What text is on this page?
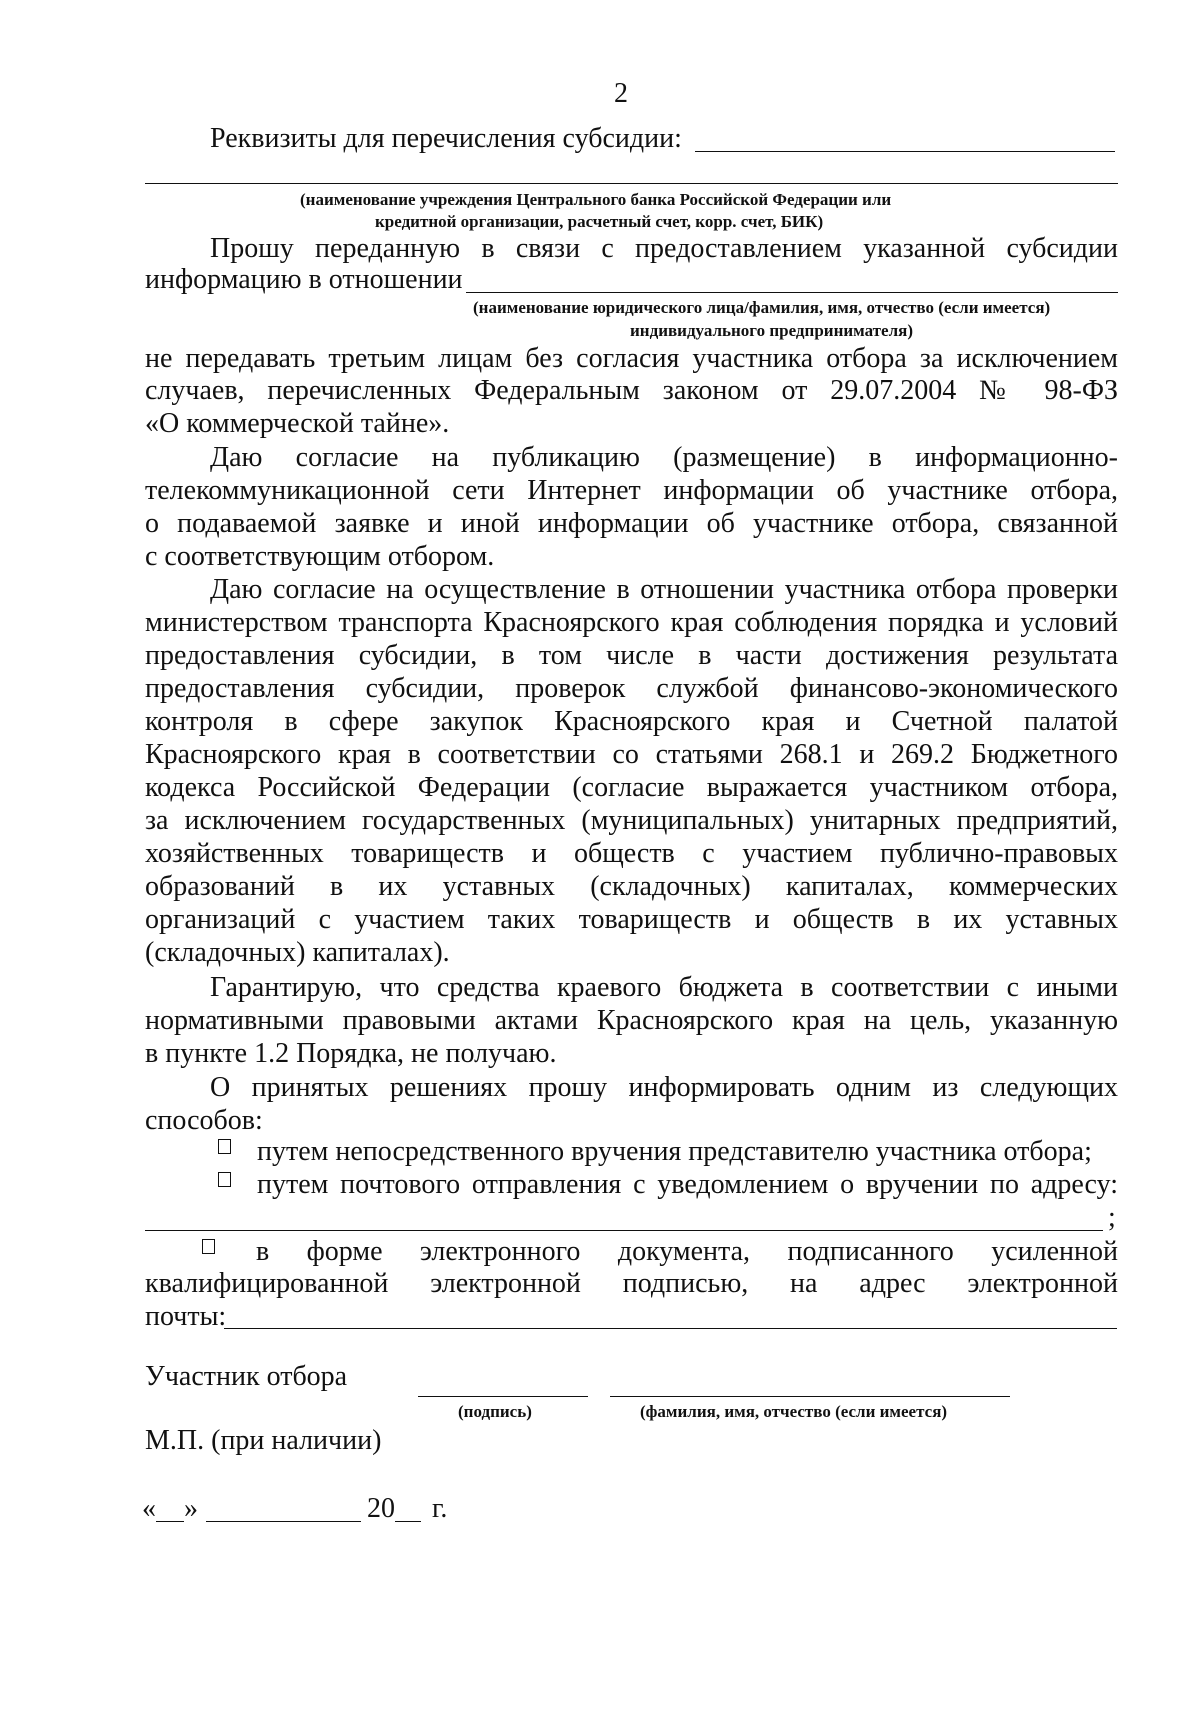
2
Реквизиты для перечисления субсидии:
(наименование учреждения Центрального банка Российской Федерации или
кредитной организации, расчетный счет, корр. счет, БИК)
Прошу переданную в связи с предоставлением указанной субсидии
информацию в отношении
(наименование юридического лица/фамилия, имя, отчество (если имеется)
индивидуального предпринимателя)
не передавать третьим лицам без согласия участника отбора за исключением
случаев, перечисленных Федеральным законом от 29.07.2004 № 98-ФЗ
«О коммерческой тайне».
Даю согласие на публикацию (размещение) в информационно-
телекоммуникационной сети Интернет информации об участнике отбора,
о подаваемой заявке и иной информации об участнике отбора, связанной
с соответствующим отбором.
Даю согласие на осуществление в отношении участника отбора проверки
министерством транспорта Красноярского края соблюдения порядка и условий
предоставления субсидии, в том числе в части достижения результата
предоставления субсидии, проверок службой финансово-экономического
контроля в сфере закупок Красноярского края и Счетной палатой
Красноярского края в соответствии со статьями 268.1 и 269.2 Бюджетного
кодекса Российской Федерации (согласие выражается участником отбора,
за исключением государственных (муниципальных) унитарных предприятий,
хозяйственных товариществ и обществ с участием публично-правовых
образований в их уставных (складочных) капиталах, коммерческих
организаций с участием таких товариществ и обществ в их уставных
(складочных) капиталах).
Гарантирую, что средства краевого бюджета в соответствии с иными
нормативными правовыми актами Красноярского края на цель, указанную
в пункте 1.2 Порядка, не получаю.
О принятых решениях прошу информировать одним из следующих
способов:
путем непосредственного вручения представителю участника отбора;
путем почтового отправления с уведомлением о вручении по адресу:
;
в форме электронного документа, подписанного усиленной
квалифицированной электронной подписью, на адрес электронной
почты:
Участник отбора
(подпись)	(фамилия, имя, отчество (если имеется)
М.П. (при наличии)
« »	20 г.
